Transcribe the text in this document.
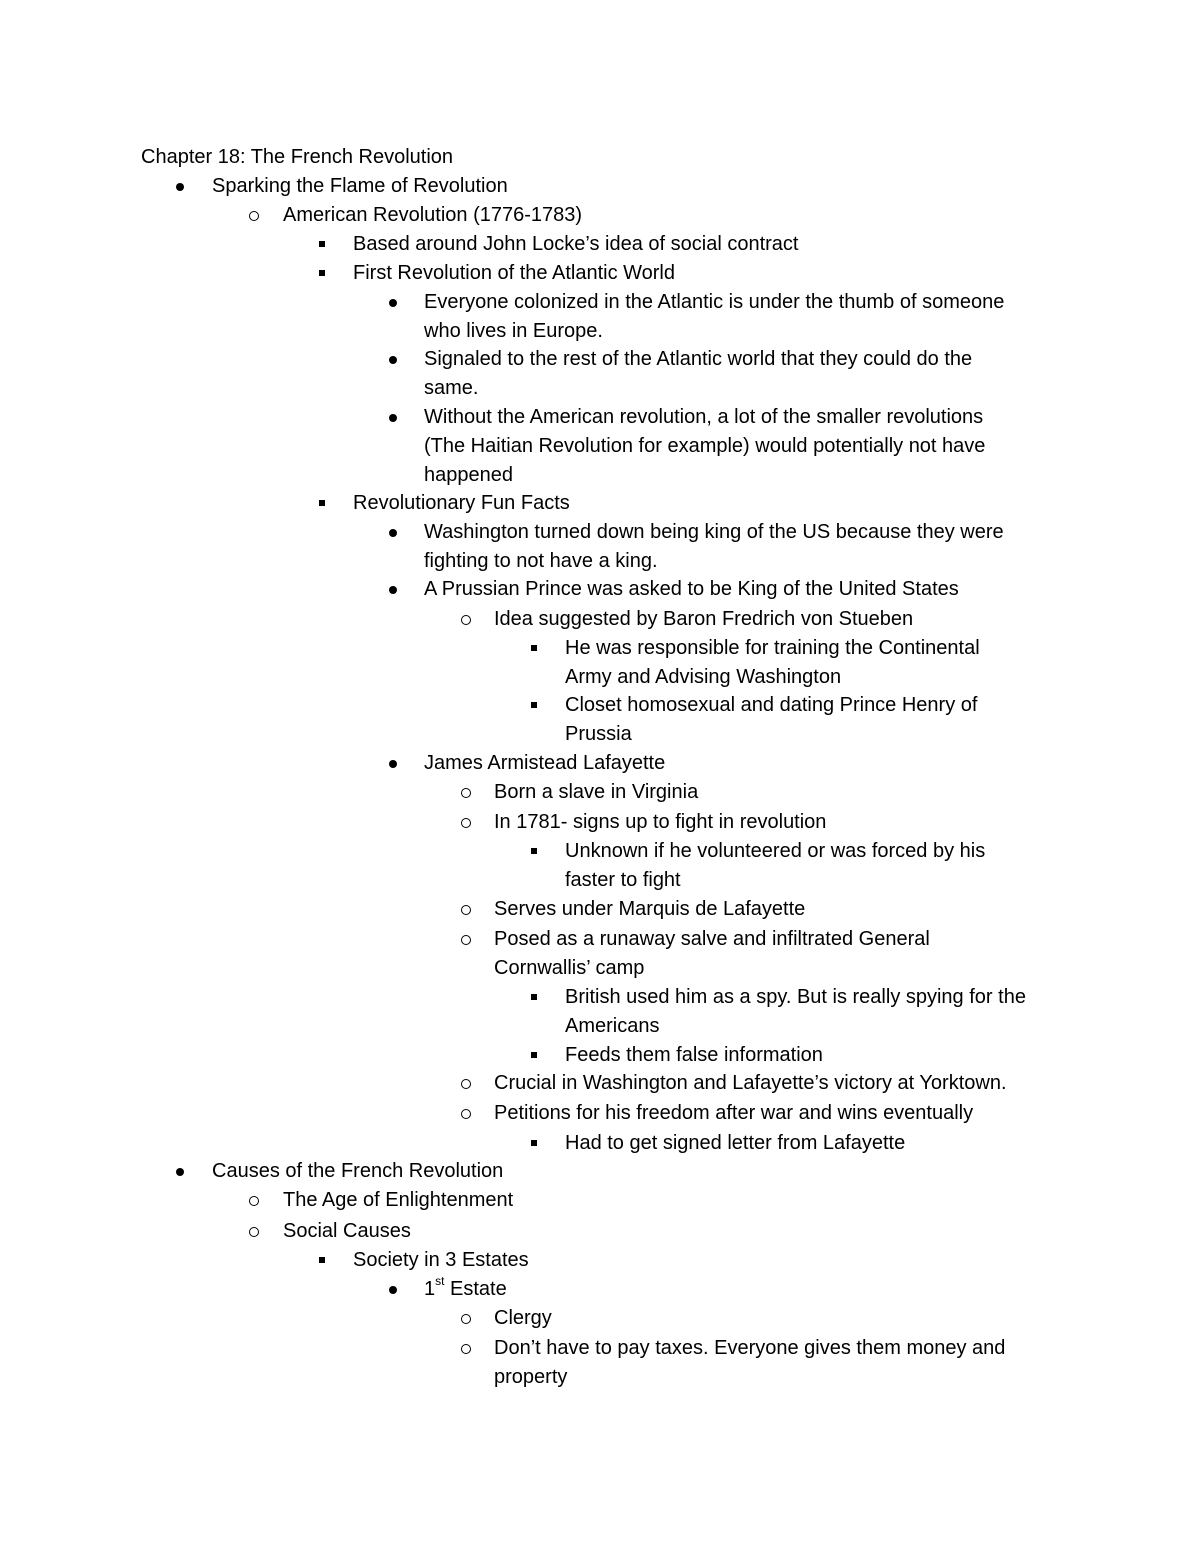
Chapter 18: The French Revolution
Sparking the Flame of Revolution
American Revolution (1776-1783)
Based around John Locke’s idea of social contract
First Revolution of the Atlantic World
Everyone colonized in the Atlantic is under the thumb of someone
who lives in Europe.
Signaled to the rest of the Atlantic world that they could do the
same.
Without the American revolution, a lot of the smaller revolutions
(The Haitian Revolution for example) would potentially not have
happened
Revolutionary Fun Facts
Washington turned down being king of the US because they were
fighting to not have a king.
A Prussian Prince was asked to be King of the United States
Idea suggested by Baron Fredrich von Stueben
He was responsible for training the Continental
Army and Advising Washington
Closet homosexual and dating Prince Henry of
Prussia
James Armistead Lafayette
Born a slave in Virginia
In 1781- signs up to fight in revolution
Unknown if he volunteered or was forced by his
faster to fight
Serves under Marquis de Lafayette
Posed as a runaway salve and infiltrated General
Cornwallis’ camp
British used him as a spy. But is really spying for the
Americans
Feeds them false information
Crucial in Washington and Lafayette’s victory at Yorktown.
Petitions for his freedom after war and wins eventually
Had to get signed letter from Lafayette
Causes of the French Revolution
The Age of Enlightenment
Social Causes
Society in 3 Estates
1st Estate
Clergy
Don’t have to pay taxes. Everyone gives them money and
property
